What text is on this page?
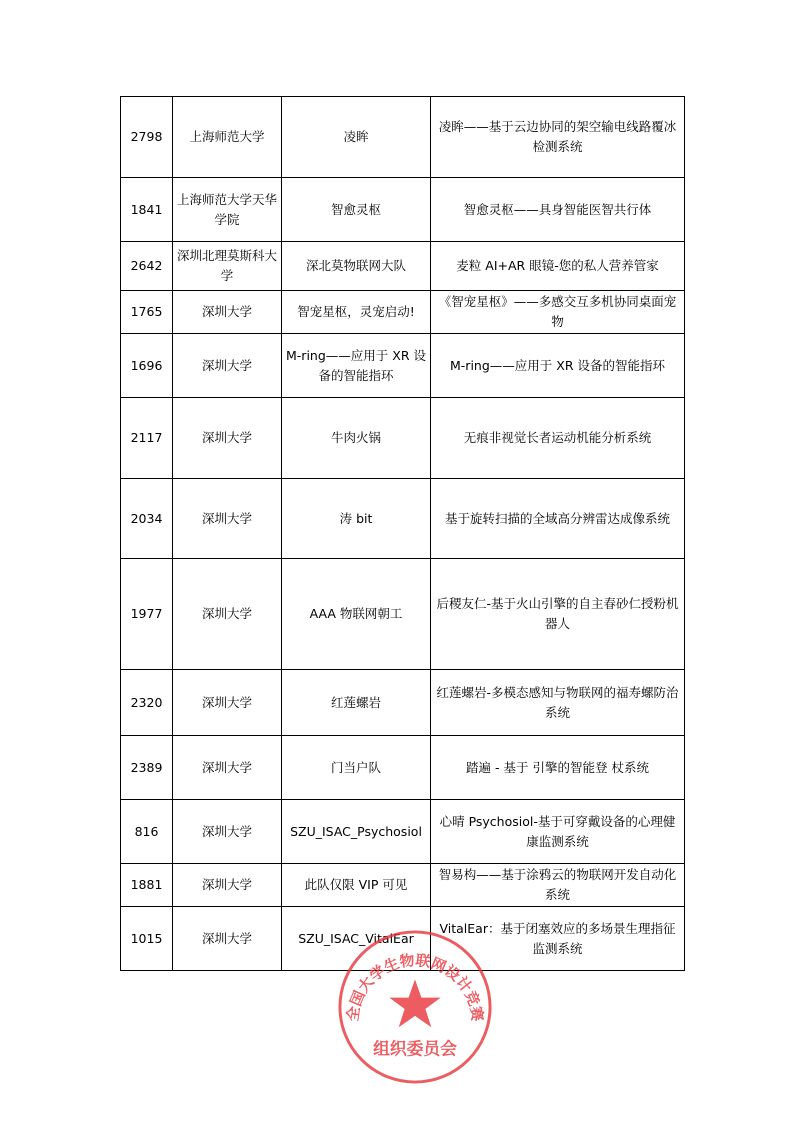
2798	上海师范大学	凌眸	凌眸——基于云边协同的架空输电线路覆冰检测系统
1841	上海师范大学天华学院	智愈灵枢	智愈灵枢——具身智能医智共行体
2642	深圳北理莫斯科大学	深北莫物联网大队	麦粒 AI+AR 眼镜-您的私人营养管家
1765	深圳大学	智宠星枢，灵宠启动!	《智宠星枢》——多感交互多机协同桌面宠物
1696	深圳大学	M-ring——应用于 XR 设备的智能指环	M-ring——应用于 XR 设备的智能指环
2117	深圳大学	牛肉火锅	无痕非视觉长者运动机能分析系统
2034	深圳大学	涛 bit	基于旋转扫描的全域高分辨雷达成像系统
1977	深圳大学	AAA 物联网朝工	后稷友仁-基于火山引擎的自主春砂仁授粉机器人
2320	深圳大学	红莲螺岩	红莲螺岩-多模态感知与物联网的福寿螺防治系统
2389	深圳大学	门当户队	踏遍 - 基于 引擎的智能登 杖系统
816	深圳大学	SZU_ISAC_Psychosiol	心晴 Psychosiol-基于可穿戴设备的心理健康监测系统
1881	深圳大学	此队仅限 VIP 可见	智易构——基于涂鸦云的物联网开发自动化系统
1015	深圳大学	SZU_ISAC_VitalEar	VitalEar：基于闭塞效应的多场景生理指征监测系统
全国大学生物联网设计竞赛
组织委员会
